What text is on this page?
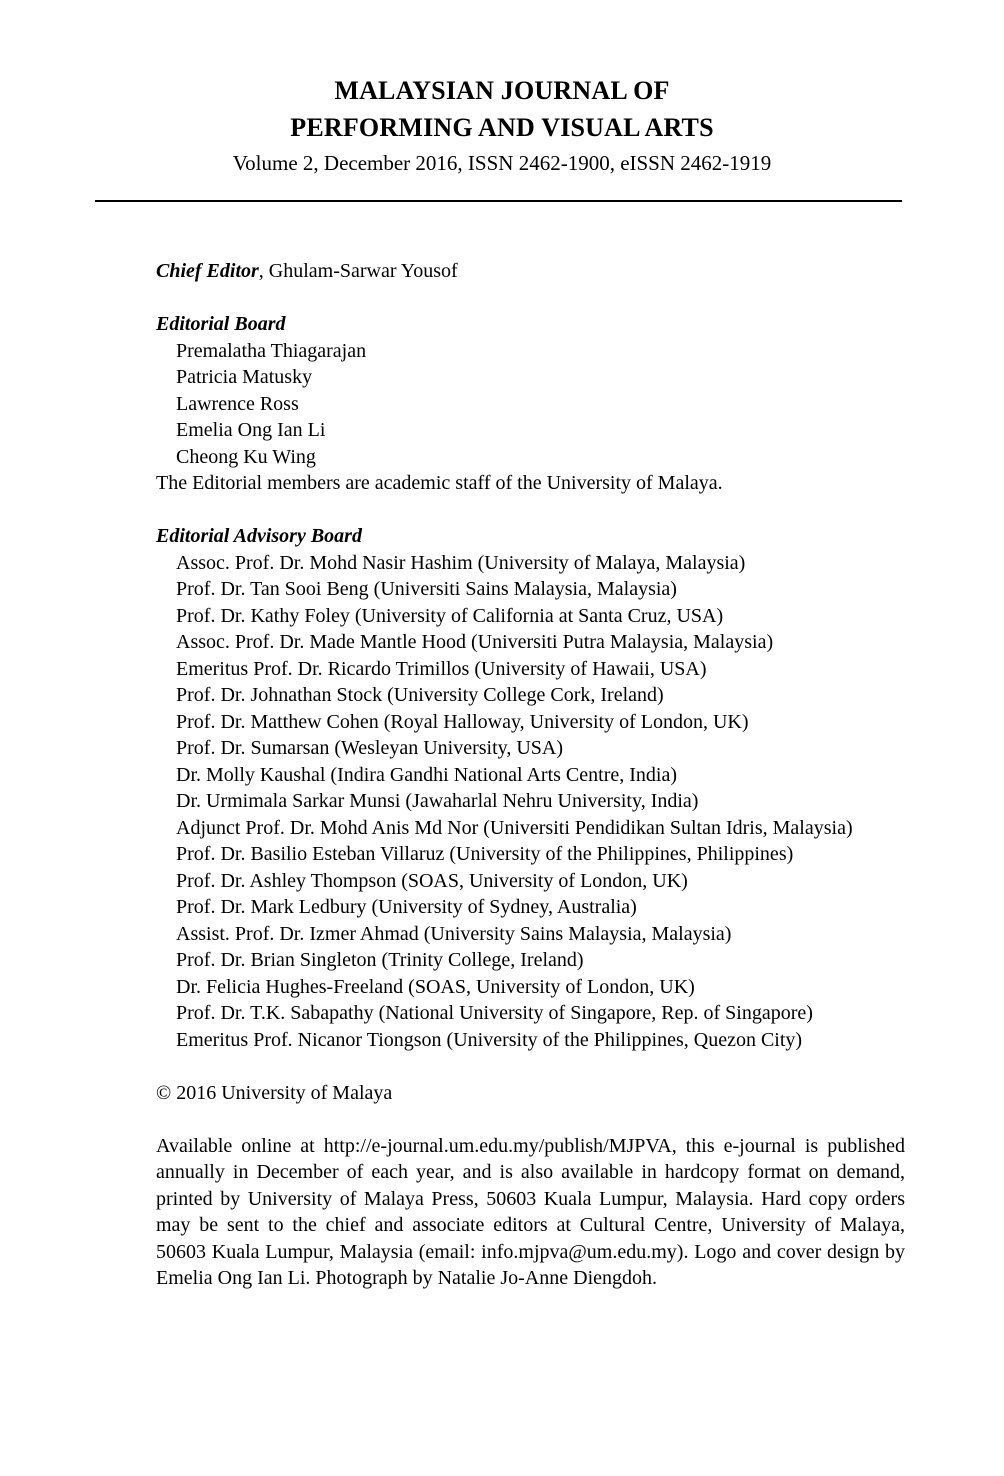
MALAYSIAN JOURNAL OF
PERFORMING AND VISUAL ARTS
Volume 2, December 2016, ISSN 2462-1900, eISSN 2462-1919
Chief Editor, Ghulam-Sarwar Yousof
Editorial Board
Premalatha Thiagarajan
Patricia Matusky
Lawrence Ross
Emelia Ong Ian Li
Cheong Ku Wing
The Editorial members are academic staff of the University of Malaya.
Editorial Advisory Board
Assoc. Prof. Dr. Mohd Nasir Hashim (University of Malaya, Malaysia)
Prof. Dr. Tan Sooi Beng (Universiti Sains Malaysia, Malaysia)
Prof. Dr. Kathy Foley (University of California at Santa Cruz, USA)
Assoc. Prof. Dr. Made Mantle Hood (Universiti Putra Malaysia, Malaysia)
Emeritus Prof. Dr. Ricardo Trimillos (University of Hawaii, USA)
Prof. Dr. Johnathan Stock (University College Cork, Ireland)
Prof. Dr. Matthew Cohen (Royal Halloway, University of London, UK)
Prof. Dr. Sumarsan (Wesleyan University, USA)
Dr. Molly Kaushal (Indira Gandhi National Arts Centre, India)
Dr. Urmimala Sarkar Munsi (Jawaharlal Nehru University, India)
Adjunct Prof. Dr. Mohd Anis Md Nor (Universiti Pendidikan Sultan Idris, Malaysia)
Prof. Dr. Basilio Esteban Villaruz (University of the Philippines, Philippines)
Prof. Dr. Ashley Thompson (SOAS, University of London, UK)
Prof. Dr. Mark Ledbury (University of Sydney, Australia)
Assist. Prof. Dr. Izmer Ahmad (University Sains Malaysia, Malaysia)
Prof. Dr. Brian Singleton (Trinity College, Ireland)
Dr. Felicia Hughes-Freeland (SOAS, University of London, UK)
Prof. Dr. T.K. Sabapathy (National University of Singapore, Rep. of Singapore)
Emeritus Prof. Nicanor Tiongson (University of the Philippines, Quezon City)
© 2016 University of Malaya

Available online at http://e-journal.um.edu.my/publish/MJPVA, this e-journal is published annually in December of each year, and is also available in hardcopy format on demand, printed by University of Malaya Press, 50603 Kuala Lumpur, Malaysia. Hard copy orders may be sent to the chief and associate editors at Cultural Centre, University of Malaya, 50603 Kuala Lumpur, Malaysia (email: info.mjpva@um.edu.my). Logo and cover design by Emelia Ong Ian Li. Photograph by Natalie Jo-Anne Diengdoh.
